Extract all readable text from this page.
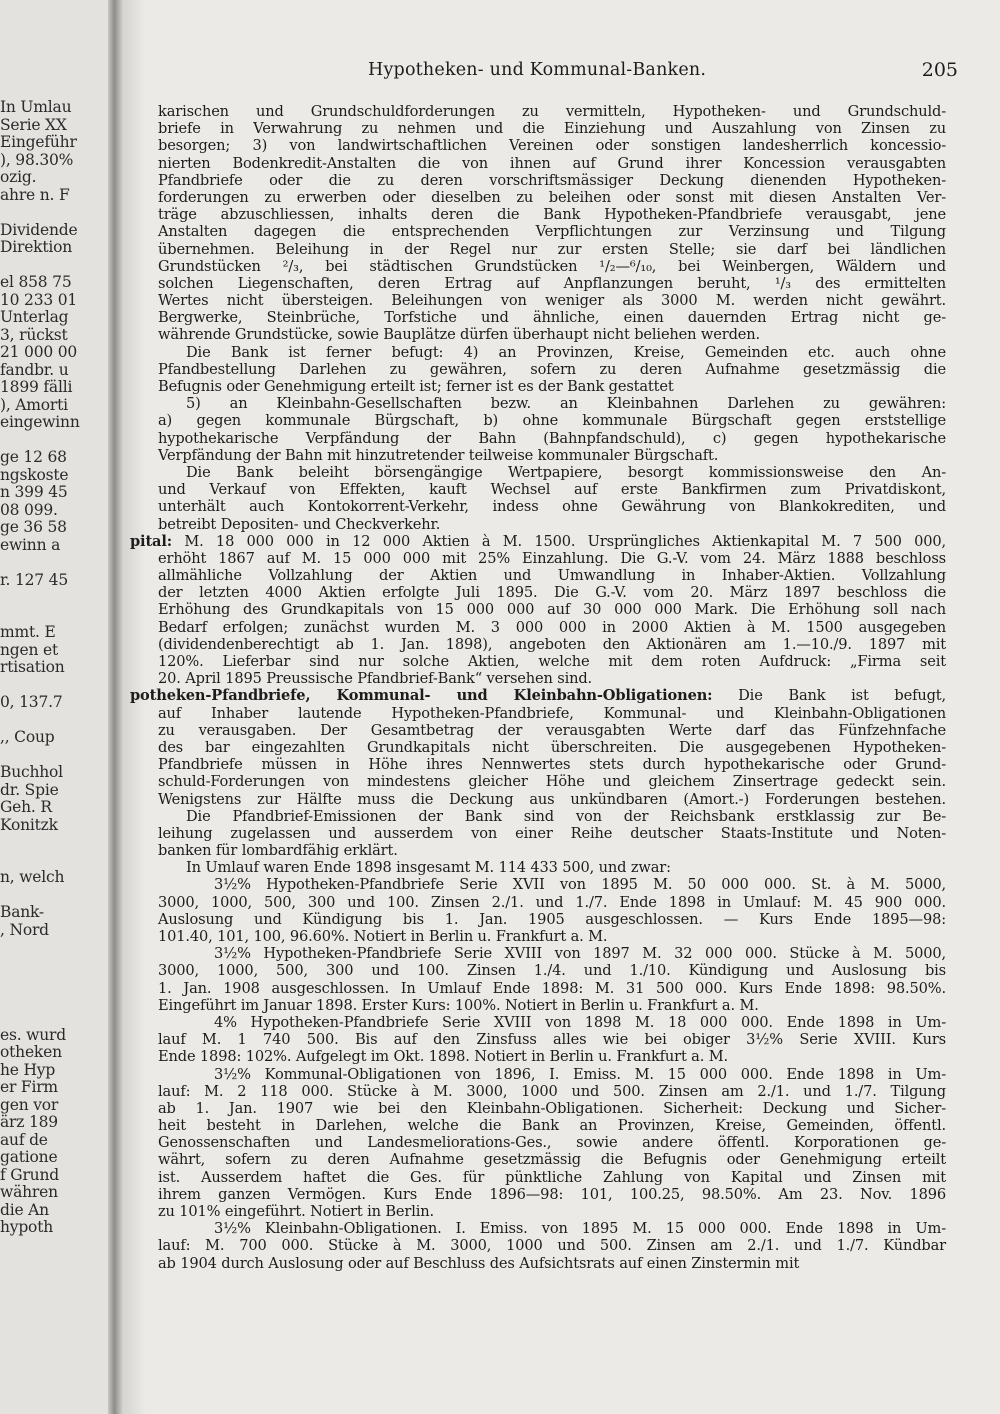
In Umlau
Serie XX
Eingeführ
), 98.30%
ozig.
ahre n. F
Dividende
Direktion
el 858 75
10 233 01
Unterlag
3, rückst
21 000 00
fandbr. u
1899 fälli
), Amorti
eingewinn
ge 12 68
ngskoste
n 399 45
08 099.
ge 36 58
ewinn a
r. 127 45
mmt. E
ngen et
rtisation
0, 137.7
,, Coup
Buchhol
dr. Spie
Geh. R
Konitzk
n, welch
Bank-
, Nord
es. wurd
otheken
he Hyp
er Firm
gen vor
ärz 189
auf de
gatione
f Grund
währen
die An
hypoth
Hypotheken- und Kommunal-Banken.	205
karischen und Grundschuldforderungen zu vermitteln, Hypotheken- und Grundschuld-
briefe in Verwahrung zu nehmen und die Einziehung und Auszahlung von Zinsen zu
besorgen; 3) von landwirtschaftlichen Vereinen oder sonstigen landesherrlich koncessio-
nierten Bodenkredit-Anstalten die von ihnen auf Grund ihrer Koncession verausgabten
Pfandbriefe oder die zu deren vorschriftsmässiger Deckung dienenden Hypotheken-
forderungen zu erwerben oder dieselben zu beleihen oder sonst mit diesen Anstalten Ver-
träge abzuschliessen, inhalts deren die Bank Hypotheken-Pfandbriefe verausgabt, jene
Anstalten dagegen die entsprechenden Verpflichtungen zur Verzinsung und Tilgung
übernehmen. Beleihung in der Regel nur zur ersten Stelle; sie darf bei ländlichen
Grundstücken ²/₃, bei städtischen Grundstücken ¹/₂—⁶/₁₀, bei Weinbergen, Wäldern und
solchen Liegenschaften, deren Ertrag auf Anpflanzungen beruht, ¹/₃ des ermittelten
Wertes nicht übersteigen. Beleihungen von weniger als 3000 M. werden nicht gewährt.
Bergwerke, Steinbrüche, Torfstiche und ähnliche, einen dauernden Ertrag nicht ge-
währende Grundstücke, sowie Bauplätze dürfen überhaupt nicht beliehen werden.
Die Bank ist ferner befugt: 4) an Provinzen, Kreise, Gemeinden etc. auch ohne
Pfandbestellung Darlehen zu gewähren, sofern zu deren Aufnahme gesetzmässig die
Befugnis oder Genehmigung erteilt ist; ferner ist es der Bank gestattet
5) an Kleinbahn-Gesellschaften bezw. an Kleinbahnen Darlehen zu gewähren:
a) gegen kommunale Bürgschaft, b) ohne kommunale Bürgschaft gegen erststellige
hypothekarische Verpfändung der Bahn (Bahnpfandschuld), c) gegen hypothekarische
Verpfändung der Bahn mit hinzutretender teilweise kommunaler Bürgschaft.
Die Bank beleiht börsengängige Wertpapiere, besorgt kommissionsweise den An-
und Verkauf von Effekten, kauft Wechsel auf erste Bankfirmen zum Privatdiskont,
unterhält auch Kontokorrent-Verkehr, indess ohne Gewährung von Blankokrediten, und
betreibt Depositen- und Checkverkehr.
pital: M. 18 000 000 in 12 000 Aktien à M. 1500. Ursprüngliches Aktienkapital M. 7 500 000,
erhöht 1867 auf M. 15 000 000 mit 25% Einzahlung. Die G.-V. vom 24. März 1888 beschloss
allmähliche Vollzahlung der Aktien und Umwandlung in Inhaber-Aktien. Vollzahlung
der letzten 4000 Aktien erfolgte Juli 1895. Die G.-V. vom 20. März 1897 beschloss die
Erhöhung des Grundkapitals von 15 000 000 auf 30 000 000 Mark. Die Erhöhung soll nach
Bedarf erfolgen; zunächst wurden M. 3 000 000 in 2000 Aktien à M. 1500 ausgegeben
(dividendenberechtigt ab 1. Jan. 1898), angeboten den Aktionären am 1.—10./9. 1897 mit
120%. Lieferbar sind nur solche Aktien, welche mit dem roten Aufdruck: „Firma seit
20. April 1895 Preussische Pfandbrief-Bank“ versehen sind.
potheken-Pfandbriefe, Kommunal- und Kleinbahn-Obligationen: Die Bank ist befugt,
auf Inhaber lautende Hypotheken-Pfandbriefe, Kommunal- und Kleinbahn-Obligationen
zu verausgaben. Der Gesamtbetrag der verausgabten Werte darf das Fünfzehnfache
des bar eingezahlten Grundkapitals nicht überschreiten. Die ausgegebenen Hypotheken-
Pfandbriefe müssen in Höhe ihres Nennwertes stets durch hypothekarische oder Grund-
schuld-Forderungen von mindestens gleicher Höhe und gleichem Zinsertrage gedeckt sein.
Wenigstens zur Hälfte muss die Deckung aus unkündbaren (Amort.-) Forderungen bestehen.
Die Pfandbrief-Emissionen der Bank sind von der Reichsbank erstklassig zur Be-
leihung zugelassen und ausserdem von einer Reihe deutscher Staats-Institute und Noten-
banken für lombardfähig erklärt.
In Umlauf waren Ende 1898 insgesamt M. 114 433 500, und zwar:
3½% Hypotheken-Pfandbriefe Serie XVII von 1895 M. 50 000 000. St. à M. 5000,
3000, 1000, 500, 300 und 100. Zinsen 2./1. und 1./7. Ende 1898 in Umlauf: M. 45 900 000.
Auslosung und Kündigung bis 1. Jan. 1905 ausgeschlossen. — Kurs Ende 1895—98:
101.40, 101, 100, 96.60%. Notiert in Berlin u. Frankfurt a. M.
3½% Hypotheken-Pfandbriefe Serie XVIII von 1897 M. 32 000 000. Stücke à M. 5000,
3000, 1000, 500, 300 und 100. Zinsen 1./4. und 1./10. Kündigung und Auslosung bis
1. Jan. 1908 ausgeschlossen. In Umlauf Ende 1898: M. 31 500 000. Kurs Ende 1898: 98.50%.
Eingeführt im Januar 1898. Erster Kurs: 100%. Notiert in Berlin u. Frankfurt a. M.
4% Hypotheken-Pfandbriefe Serie XVIII von 1898 M. 18 000 000. Ende 1898 in Um-
lauf M. 1 740 500. Bis auf den Zinsfuss alles wie bei obiger 3½% Serie XVIII. Kurs
Ende 1898: 102%. Aufgelegt im Okt. 1898. Notiert in Berlin u. Frankfurt a. M.
3½% Kommunal-Obligationen von 1896, I. Emiss. M. 15 000 000. Ende 1898 in Um-
lauf: M. 2 118 000. Stücke à M. 3000, 1000 und 500. Zinsen am 2./1. und 1./7. Tilgung
ab 1. Jan. 1907 wie bei den Kleinbahn-Obligationen. Sicherheit: Deckung und Sicher-
heit besteht in Darlehen, welche die Bank an Provinzen, Kreise, Gemeinden, öffentl.
Genossenschaften und Landesmeliorations-Ges., sowie andere öffentl. Korporationen ge-
währt, sofern zu deren Aufnahme gesetzmässig die Befugnis oder Genehmigung erteilt
ist. Ausserdem haftet die Ges. für pünktliche Zahlung von Kapital und Zinsen mit
ihrem ganzen Vermögen. Kurs Ende 1896—98: 101, 100.25, 98.50%. Am 23. Nov. 1896
zu 101% eingeführt. Notiert in Berlin.
3½% Kleinbahn-Obligationen. I. Emiss. von 1895 M. 15 000 000. Ende 1898 in Um-
lauf: M. 700 000. Stücke à M. 3000, 1000 und 500. Zinsen am 2./1. und 1./7. Kündbar
ab 1904 durch Auslosung oder auf Beschluss des Aufsichtsrats auf einen Zinstermin mit
